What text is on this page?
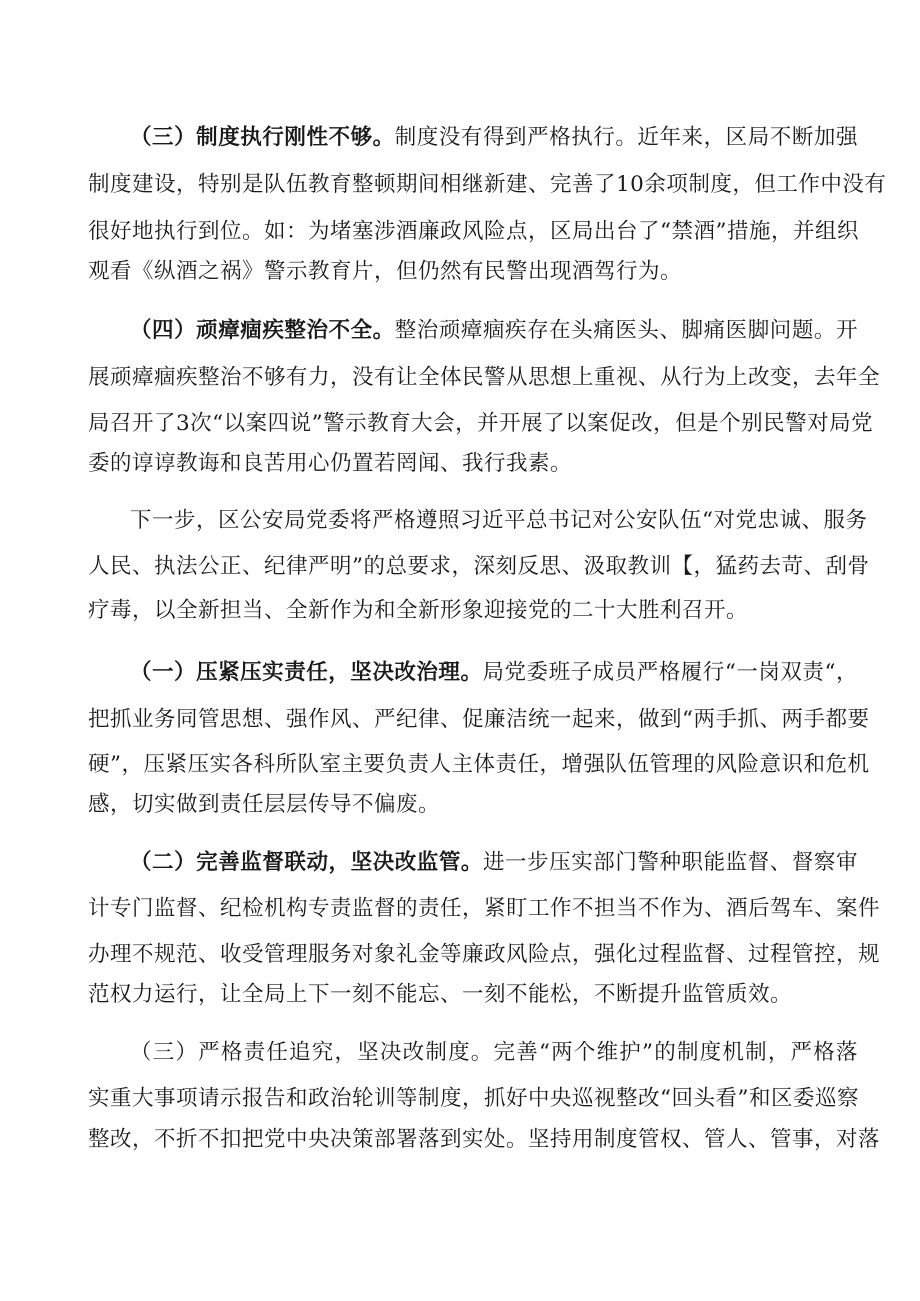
（三）制度执行刚性不够。制度没有得到严格执行。近年来，区局不断加强
制度建设，特别是队伍教育整顿期间相继新建、完善了10余项制度，但工作中没有
很好地执行到位。如：为堵塞涉酒廉政风险点，区局出台了“禁酒”措施，并组织
观看《纵酒之祸》警示教育片，但仍然有民警出现酒驾行为。
（四）顽瘴痼疾整治不全。整治顽瘴痼疾存在头痛医头、脚痛医脚问题。开
展顽瘴痼疾整治不够有力，没有让全体民警从思想上重视、从行为上改变，去年全
局召开了3次“以案四说”警示教育大会，并开展了以案促改，但是个别民警对局党
委的谆谆教诲和良苦用心仍置若罔闻、我行我素。
下一步，区公安局党委将严格遵照习近平总书记对公安队伍“对党忠诚、服务
人民、执法公正、纪律严明”的总要求，深刻反思、汲取教训【，猛药去苛、刮骨
疗毒，以全新担当、全新作为和全新形象迎接党的二十大胜利召开。
（一）压紧压实责任，坚决改治理。局党委班子成员严格履行“一岗双责“，
把抓业务同管思想、强作风、严纪律、促廉洁统一起来，做到“两手抓、两手都要
硬”，压紧压实各科所队室主要负责人主体责任，增强队伍管理的风险意识和危机
感，切实做到责任层层传导不偏废。
（二）完善监督联动，坚决改监管。进一步压实部门警种职能监督、督察审
计专门监督、纪检机构专责监督的责任，紧盯工作不担当不作为、酒后驾车、案件
办理不规范、收受管理服务对象礼金等廉政风险点，强化过程监督、过程管控，规
范权力运行，让全局上下一刻不能忘、一刻不能松，不断提升监管质效。
（三）严格责任追究，坚决改制度。完善“两个维护”的制度机制，严格落
实重大事项请示报告和政治轮训等制度，抓好中央巡视整改“回头看”和区委巡察
整改，不折不扣把党中央决策部署落到实处。坚持用制度管权、管人、管事，对落
